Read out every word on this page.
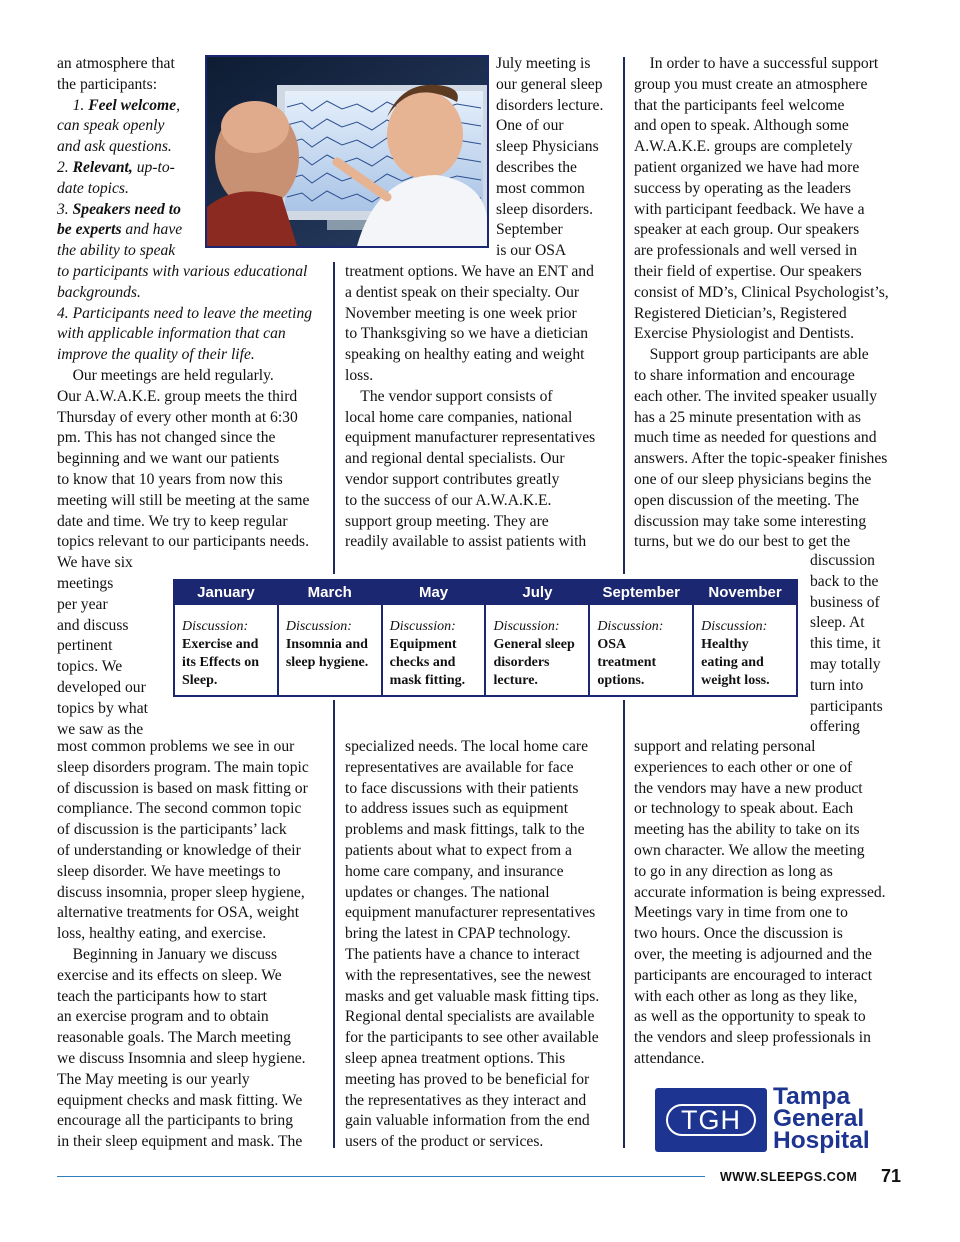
an atmosphere that
the participants:
1. Feel welcome,
can speak openly
and ask questions.
2. Relevant, up-to-
date topics.
3. Speakers need to
be experts and have
the ability to speak
to participants with various educational
backgrounds.
4. Participants need to leave the meeting
with applicable information that can
improve the quality of their life.
Our meetings are held regularly.
Our A.W.A.K.E. group meets the third
Thursday of every other month at 6:30
pm. This has not changed since the
beginning and we want our patients
to know that 10 years from now this
meeting will still be meeting at the same
date and time. We try to keep regular
topics relevant to our participants needs.
We have six
meetings
per year
and discuss
pertinent
topics. We
developed our
topics by what
we saw as the
most common problems we see in our
sleep disorders program. The main topic
of discussion is based on mask fitting or
compliance. The second common topic
of discussion is the participants’ lack
of understanding or knowledge of their
sleep disorder. We have meetings to
discuss insomnia, proper sleep hygiene,
alternative treatments for OSA, weight
loss, healthy eating, and exercise.
Beginning in January we discuss
exercise and its effects on sleep. We
teach the participants how to start
an exercise program and to obtain
reasonable goals. The March meeting
we discuss Insomnia and sleep hygiene.
The May meeting is our yearly
equipment checks and mask fitting. We
encourage all the participants to bring
in their sleep equipment and mask. The
July meeting is
our general sleep
disorders lecture.
One of our
sleep Physicians
describes the
most common
sleep disorders.
September
is our OSA
treatment options. We have an ENT and
a dentist speak on their specialty. Our
November meeting is one week prior
to Thanksgiving so we have a dietician
speaking on healthy eating and weight
loss.
The vendor support consists of
local home care companies, national
equipment manufacturer representatives
and regional dental specialists. Our
vendor support contributes greatly
to the success of our A.W.A.K.E.
support group meeting. They are
readily available to assist patients with
specialized needs. The local home care
representatives are available for face
to face discussions with their patients
to address issues such as equipment
problems and mask fittings, talk to the
patients about what to expect from a
home care company, and insurance
updates or changes. The national
equipment manufacturer representatives
bring the latest in CPAP technology.
The patients have a chance to interact
with the representatives, see the newest
masks and get valuable mask fitting tips.
Regional dental specialists are available
for the participants to see other available
sleep apnea treatment options. This
meeting has proved to be beneficial for
the representatives as they interact and
gain valuable information from the end
users of the product or services.
In order to have a successful support
group you must create an atmosphere
that the participants feel welcome
and open to speak. Although some
A.W.A.K.E. groups are completely
patient organized we have had more
success by operating as the leaders
with participant feedback. We have a
speaker at each group. Our speakers
are professionals and well versed in
their field of expertise. Our speakers
consist of MD’s, Clinical Psychologist’s,
Registered Dietician’s, Registered
Exercise Physiologist and Dentists.
Support group participants are able
to share information and encourage
each other. The invited speaker usually
has a 25 minute presentation with as
much time as needed for questions and
answers. After the topic-speaker finishes
one of our sleep physicians begins the
open discussion of the meeting. The
discussion may take some interesting
turns, but we do our best to get the
discussion
back to the
business of
sleep. At
this time, it
may totally
turn into
participants
offering
support and relating personal
experiences to each other or one of
the vendors may have a new product
or technology to speak about. Each
meeting has the ability to take on its
own character. We allow the meeting
to go in any direction as long as
accurate information is being expressed.
Meetings vary in time from one to
two hours. Once the discussion is
over, the meeting is adjourned and the
participants are encouraged to interact
with each other as long as they like,
as well as the opportunity to speak to
the vendors and sleep professionals in
attendance.
January
Discussion:
Exercise and
its Effects on
Sleep.
March
Discussion:
Insomnia and
sleep hygiene.
May
Discussion:
Equipment
checks and
mask fitting.
July
Discussion:
General sleep
disorders
lecture.
September
Discussion:
OSA
treatment
options.
November
Discussion:
Healthy
eating and
weight loss.
TGH
Tampa
General
Hospital
WWW.SLEEPGS.COM 71
